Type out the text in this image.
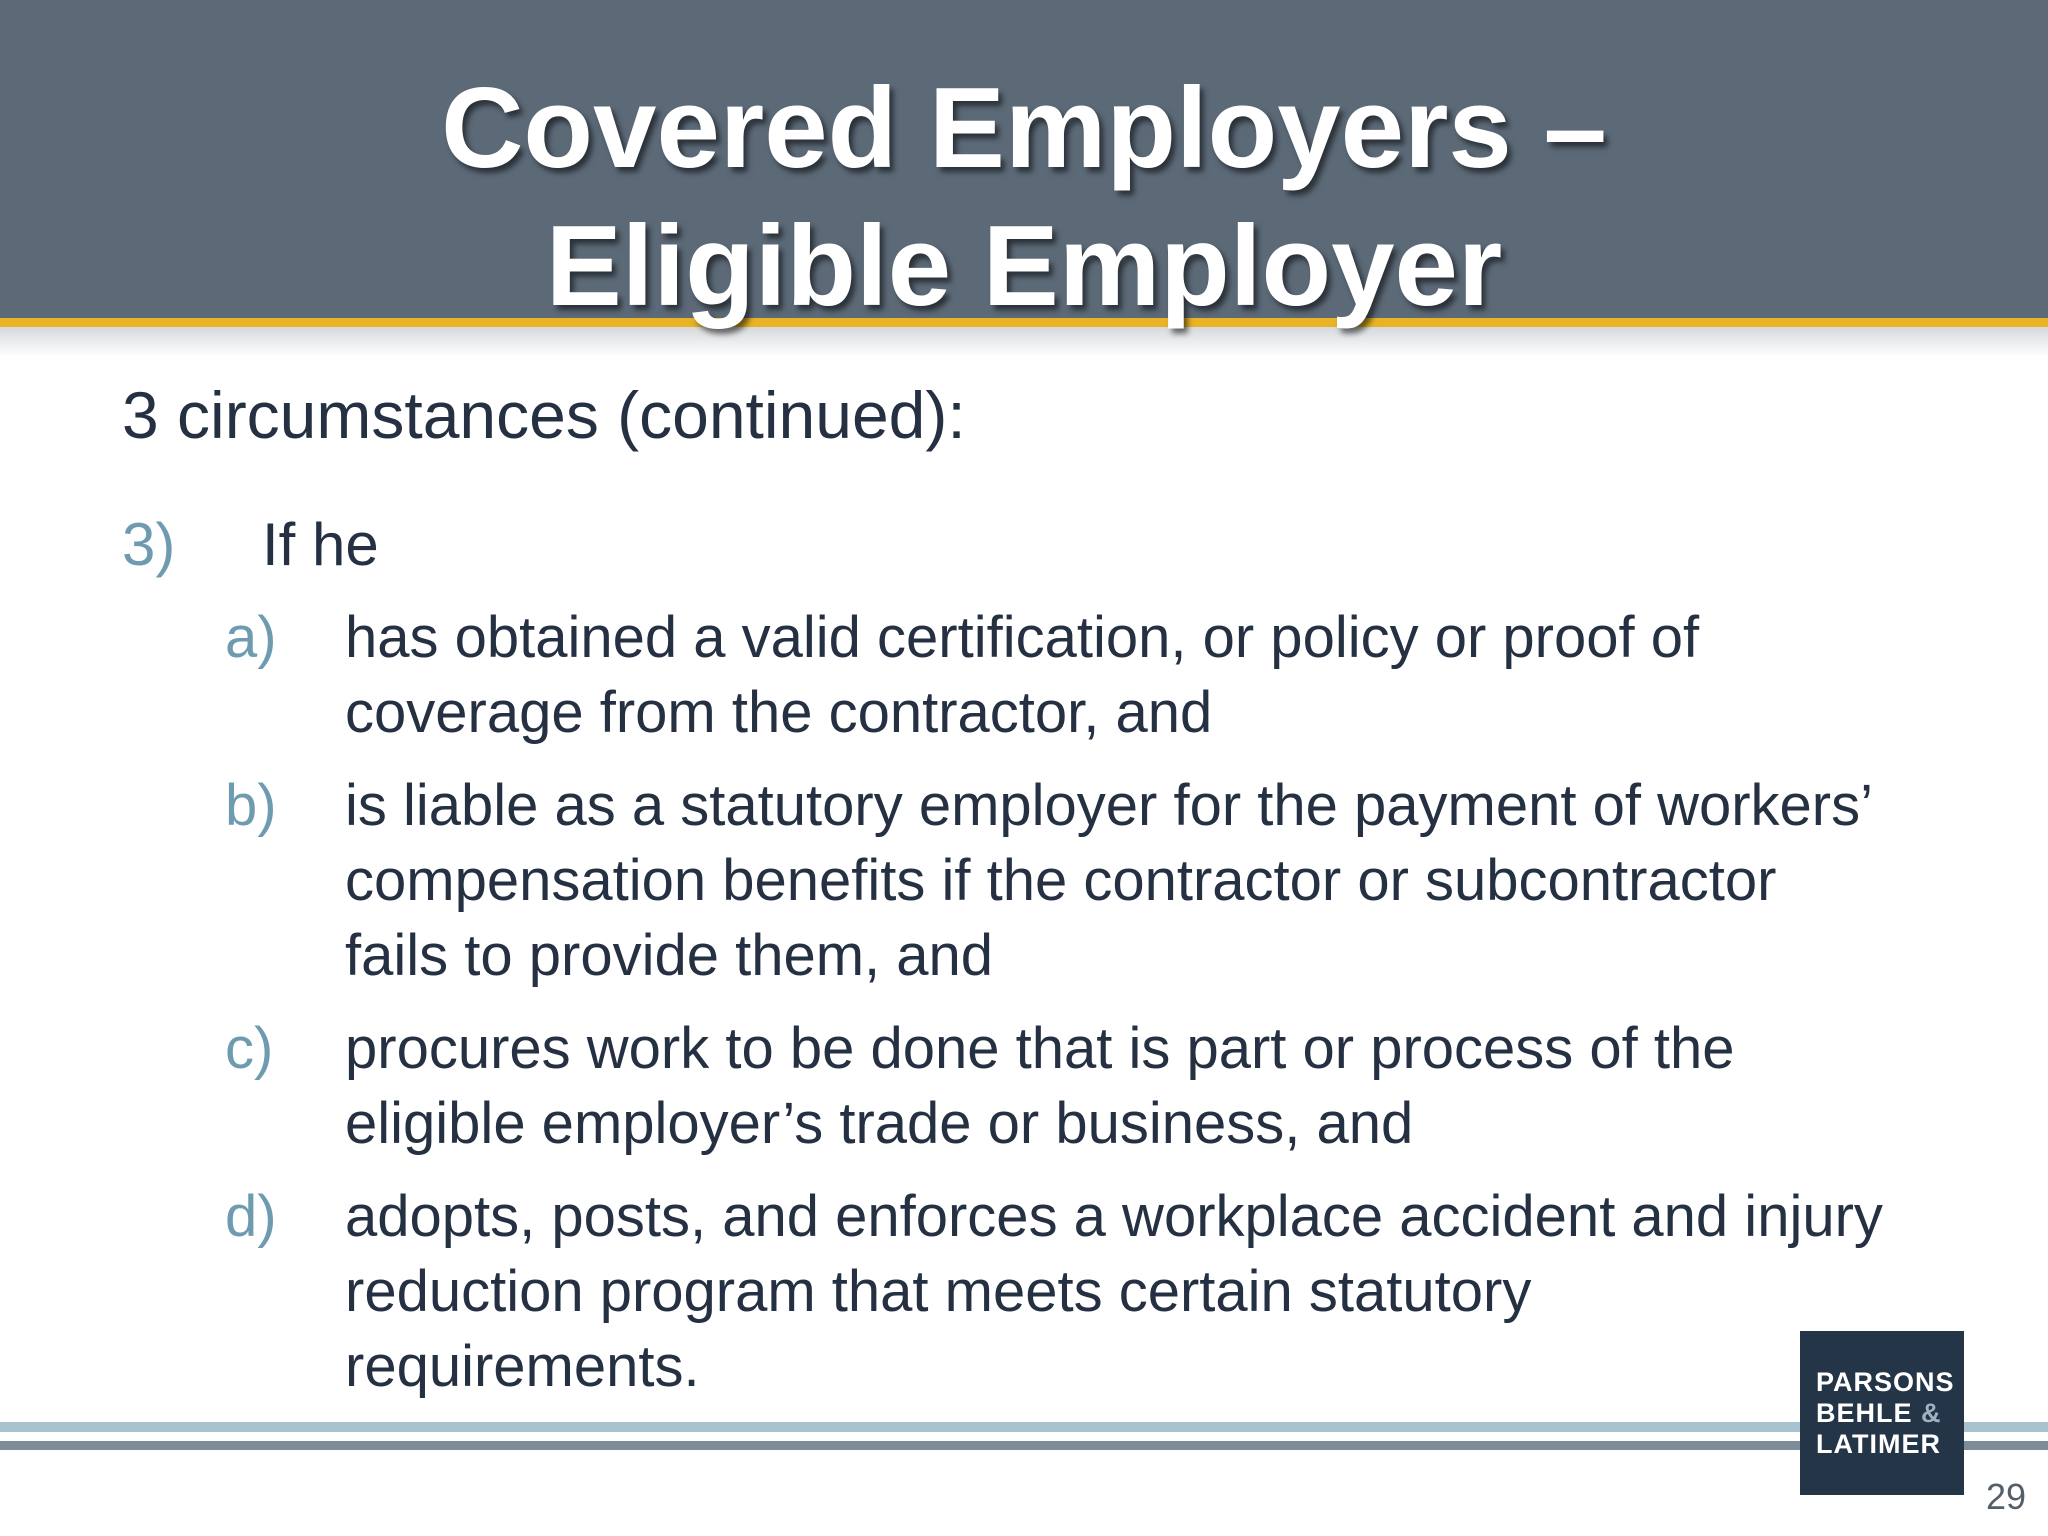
Covered Employers –
Eligible Employer
3 circumstances (continued):
3) If he
a) has obtained a valid certification, or policy or proof of coverage from the contractor, and
b) is liable as a statutory employer for the payment of workers’ compensation benefits if the contractor or subcontractor fails to provide them, and
c) procures work to be done that is part or process of the eligible employer’s trade or business, and
d) adopts, posts, and enforces a workplace accident and injury reduction program that meets certain statutory requirements.	PARSONS
BEHLE &
LATIMER
29
